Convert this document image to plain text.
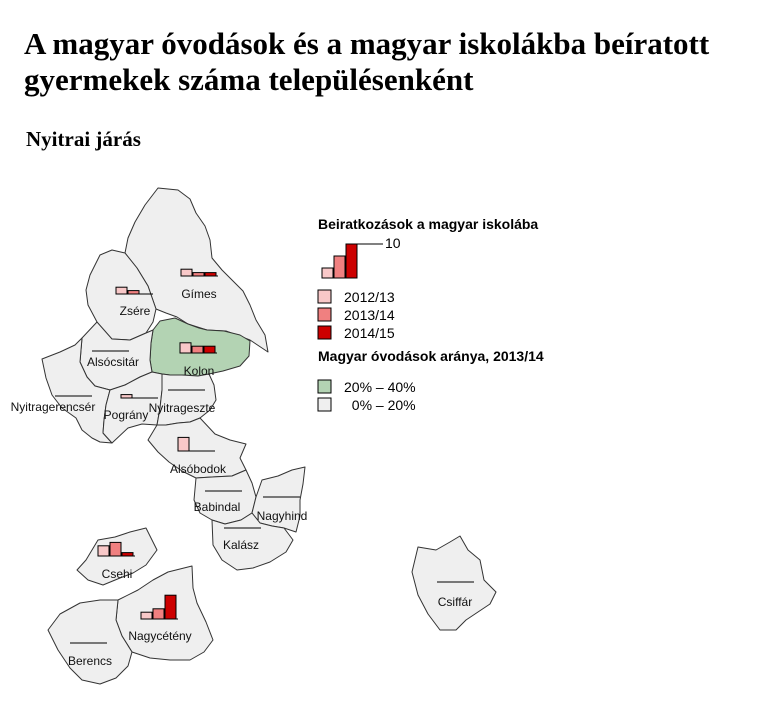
A magyar óvodások és a magyar iskolákba beíratott gyermekek száma településenként
Nyitrai járás
Gímes
Zsére
Kolon
Alsócsitár
Nyitragerencsér
Pográny Nyitrageszte
Alsóbodok
Babindal
Nagyhind
Kalász
Csehi
Nagycétény
Berencs
Csiffár
Beiratkozások a magyar iskolába
10
2012/13
2013/14
2014/15
Magyar óvodások aránya, 2013/14
20% – 40%
0% – 20%
